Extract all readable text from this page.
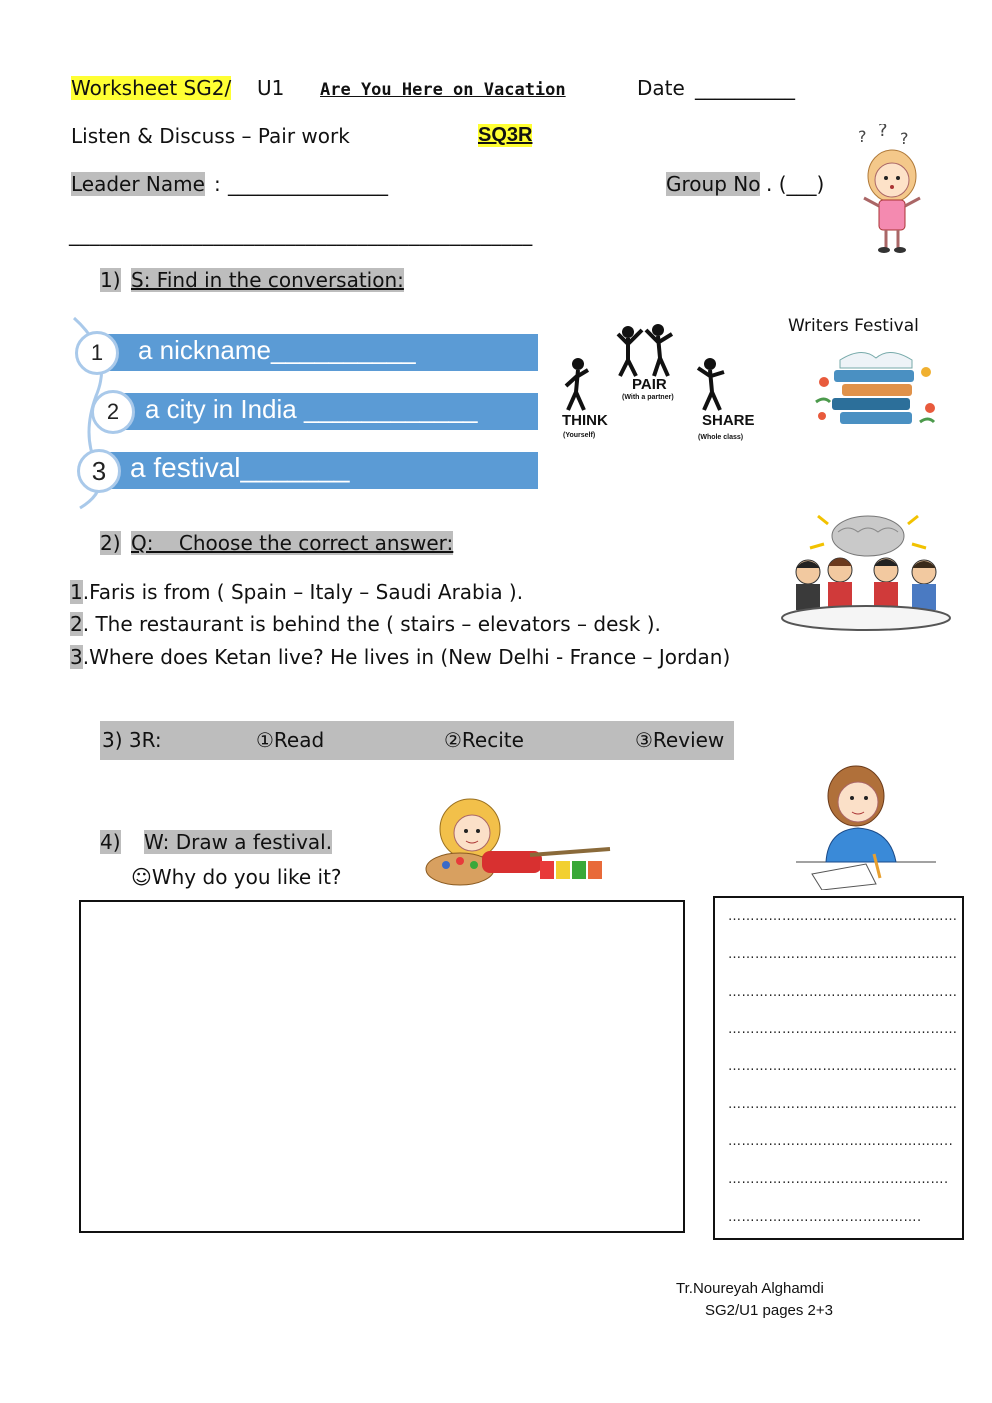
Worksheet SG2/ U1 Are You Here on Vacation	Date __________
Listen & Discuss – Pair work	SQ3R
Leader Name : ________________	Group No . (___)
_____________________________________________
? ? ?
1) S: Find in the conversation:
a nickname__________
a city in India ____________
a festival_______
1
2
3
THINK
(Yourself)
PAIR
(With a partner)
SHARE
(Whole class)
Writers Festival
2) Q:    Choose the correct answer:
1.Faris is from ( Spain – Italy – Saudi Arabia ).
2. The restaurant is behind the ( stairs – elevators – desk ).
3.Where does Ketan live? He lives in (New Delhi - France – Jordan)
3) 3R:	①Read	②Recite	③Review
4) W: Draw a festival.
☺Why do you like it?
……………………………………………
……………………………………………
……………………………………………
……………………………………………
……………………………………………
……………………………………………
…………………………………………..
………………………………………….
…………………………………….
Tr.Noureyah Alghamdi
SG2/U1 pages 2+3
